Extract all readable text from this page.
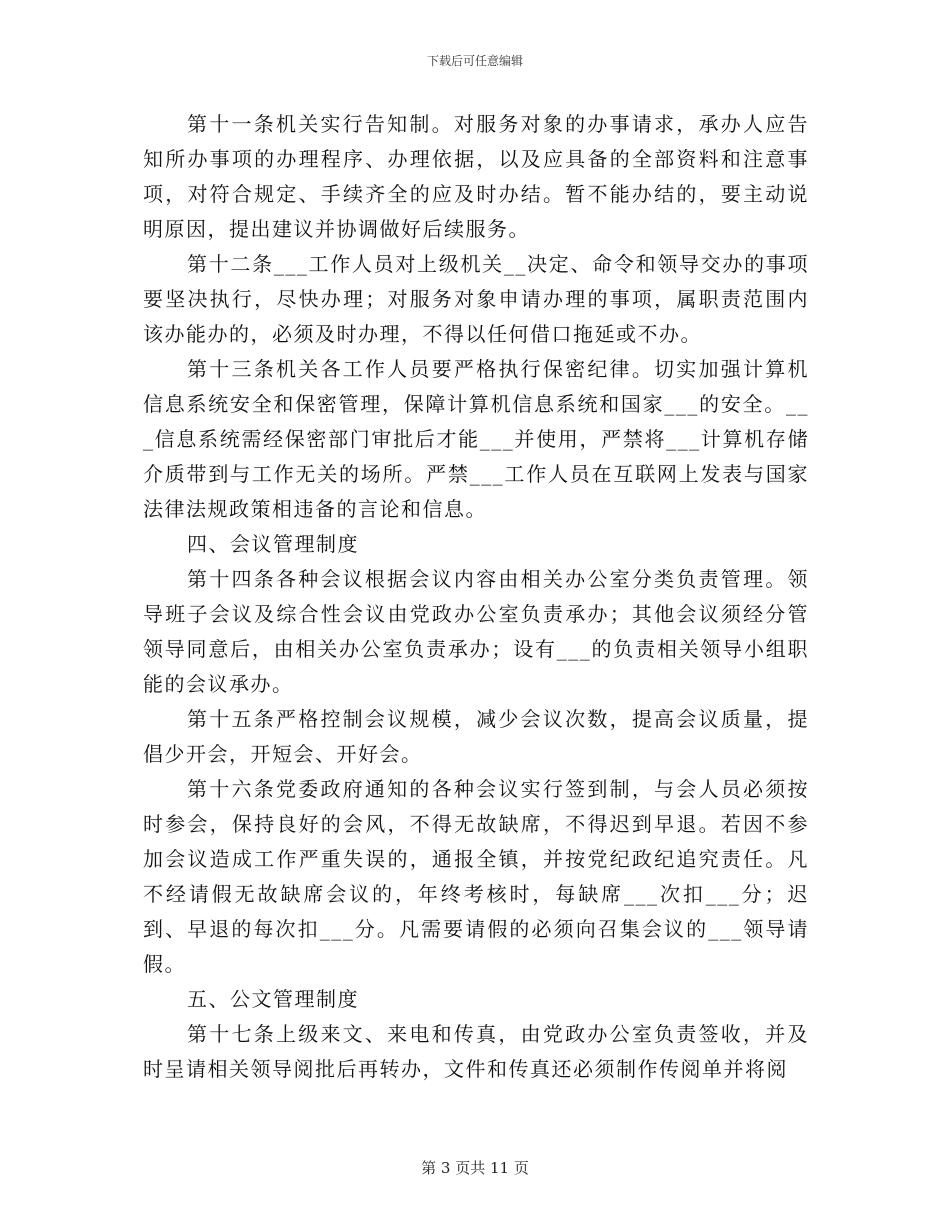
下载后可任意编辑

第十一条机关实行告知制。对服务对象的办事请求，承办人应告知所办事项的办理程序、办理依据，以及应具备的全部资料和注意事项，对符合规定、手续齐全的应及时办结。暂不能办结的，要主动说明原因，提出建议并协调做好后续服务。

第十二条___工作人员对上级机关__决定、命令和领导交办的事项要坚决执行，尽快办理；对服务对象申请办理的事项，属职责范围内该办能办的，必须及时办理，不得以任何借口拖延或不办。

第十三条机关各工作人员要严格执行保密纪律。切实加强计算机信息系统安全和保密管理，保障计算机信息系统和国家___的安全。___信息系统需经保密部门审批后才能___并使用，严禁将___计算机存储介质带到与工作无关的场所。严禁___工作人员在互联网上发表与国家法律法规政策相违备的言论和信息。

四、会议管理制度

第十四条各种会议根据会议内容由相关办公室分类负责管理。领导班子会议及综合性会议由党政办公室负责承办；其他会议须经分管领导同意后，由相关办公室负责承办；设有___的负责相关领导小组职能的会议承办。

第十五条严格控制会议规模，减少会议次数，提高会议质量，提倡少开会，开短会、开好会。

第十六条党委政府通知的各种会议实行签到制，与会人员必须按时参会，保持良好的会风，不得无故缺席，不得迟到早退。若因不参加会议造成工作严重失误的，通报全镇，并按党纪政纪追究责任。凡不经请假无故缺席会议的，年终考核时，每缺席___次扣___分；迟到、早退的每次扣___分。凡需要请假的必须向召集会议的___领导请假。

五、公文管理制度

第十七条上级来文、来电和传真，由党政办公室负责签收，并及时呈请相关领导阅批后再转办，文件和传真还必须制作传阅单并将阅

第 3 页共 11 页
